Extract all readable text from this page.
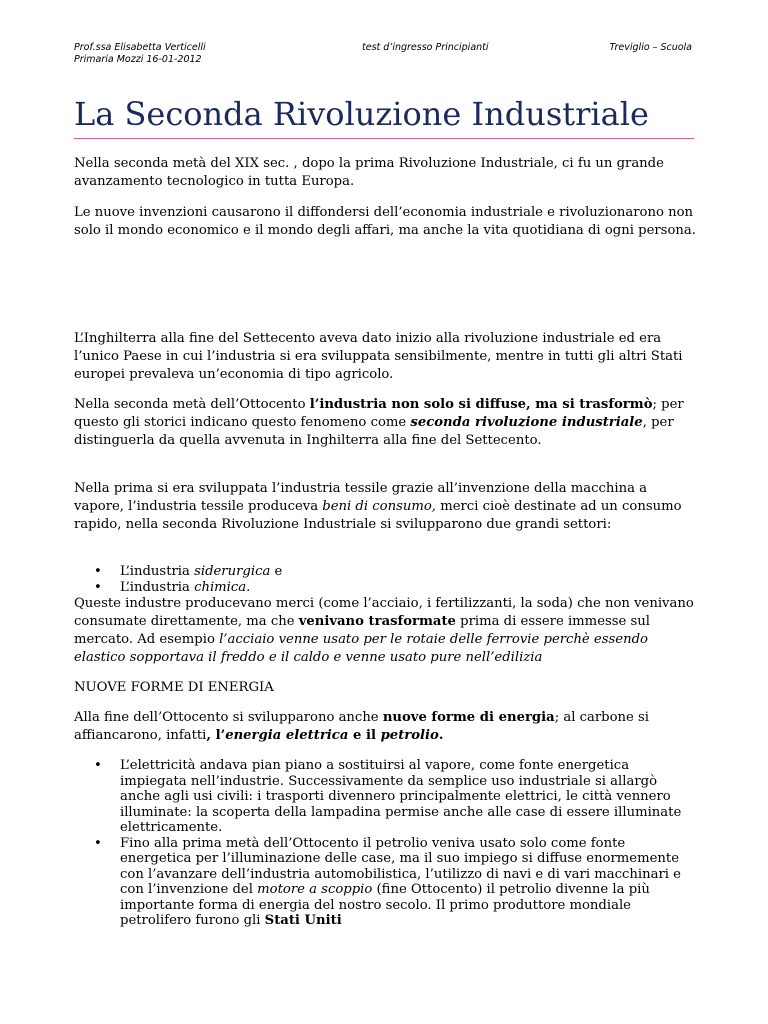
Prof.ssa Elisabetta Verticelli
Primaria Mozzi 16-01-2012
test d’ingresso Principianti	Treviglio – Scuola
La Seconda Rivoluzione Industriale

Nella seconda metà del XIX sec. , dopo la prima Rivoluzione Industriale, ci fu un grande avanzamento tecnologico in tutta Europa.

Le nuove invenzioni causarono il diffondersi dell’economia industriale e rivoluzionarono non solo il mondo economico e il mondo degli affari, ma anche la vita quotidiana di ogni persona.

L’Inghilterra alla fine del Settecento aveva dato inizio alla rivoluzione industriale ed era l’unico Paese in cui l’industria si era sviluppata sensibilmente, mentre in tutti gli altri Stati europei prevaleva un’economia di tipo agricolo.

Nella seconda metà dell’Ottocento l’industria non solo si diffuse, ma si trasformò; per questo gli storici indicano questo fenomeno come seconda rivoluzione industriale, per distinguerla da quella avvenuta in Inghilterra alla fine del Settecento.

Nella prima si era sviluppata l’industria tessile grazie all’invenzione della macchina a vapore, l’industria tessile produceva beni di consumo, merci cioè destinate ad un consumo rapido, nella seconda Rivoluzione Industriale si svilupparono due grandi settori:

• L’industria siderurgica e
• L’industria chimica.

Queste industre producevano merci (come l’acciaio, i fertilizzanti, la soda) che non venivano consumate direttamente, ma che venivano trasformate prima di essere immesse sul mercato. Ad esempio l’acciaio venne usato per le rotaie delle ferrovie perchè essendo elastico sopportava il freddo e il caldo e venne usato pure nell’edilizia

NUOVE FORME DI ENERGIA

Alla fine dell’Ottocento si svilupparono anche nuove forme di energia; al carbone si affiancarono, infatti, l’energia elettrica e il petrolio.

• L’elettricità andava pian piano a sostituirsi al vapore, come fonte energetica impiegata nell’industrie. Successivamente da semplice uso industriale si allargò anche agli usi civili: i trasporti divennero principalmente elettrici, le città vennero illuminate: la scoperta della lampadina permise anche alle case di essere illuminate elettricamente.
• Fino alla prima metà dell’Ottocento il petrolio veniva usato solo come fonte energetica per l’illuminazione delle case, ma il suo impiego si diffuse enormemente con l’avanzare dell’industria automobilistica, l’utilizzo di navi e di vari macchinari e con l’invenzione del motore a scoppio (fine Ottocento) il petrolio divenne la più importante forma di energia del nostro secolo. Il primo produttore mondiale petrolifero furono gli Stati Uniti
